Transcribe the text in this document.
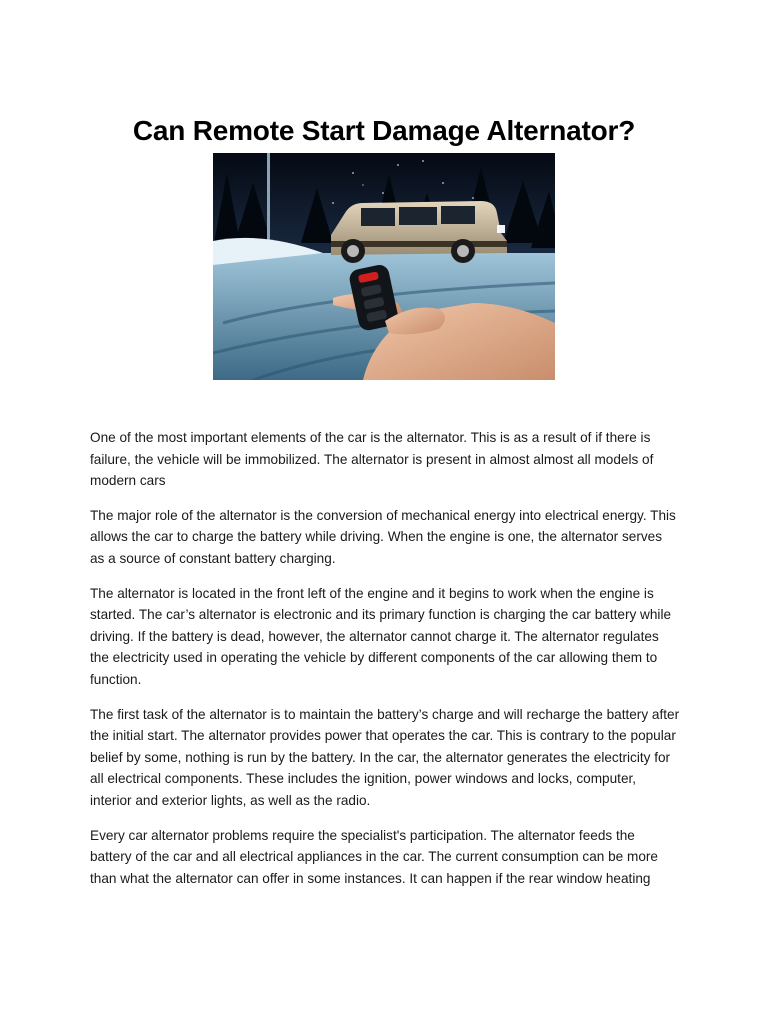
Can Remote Start Damage Alternator?

One of the most important elements of the car is the alternator. This is as a result of if there is failure, the vehicle will be immobilized. The alternator is present in almost almost all models of modern cars

The major role of the alternator is the conversion of mechanical energy into electrical energy. This allows the car to charge the battery while driving. When the engine is one, the alternator serves as a source of constant battery charging.

The alternator is located in the front left of the engine and it begins to work when the engine is started. The car’s alternator is electronic and its primary function is charging the car battery while driving. If the battery is dead, however, the alternator cannot charge it. The alternator regulates the electricity used in operating the vehicle by different components of the car allowing them to function.

The first task of the alternator is to maintain the battery’s charge and will recharge the battery after the initial start. The alternator provides power that operates the car. This is contrary to the popular belief by some, nothing is run by the battery. In the car, the alternator generates the electricity for all electrical components. These includes the ignition, power windows and locks, computer, interior and exterior lights, as well as the radio.

Every car alternator problems require the specialist's participation. The alternator feeds the battery of the car and all electrical appliances in the car. The current consumption can be more than what the alternator can offer in some instances. It can happen if the rear window heating
